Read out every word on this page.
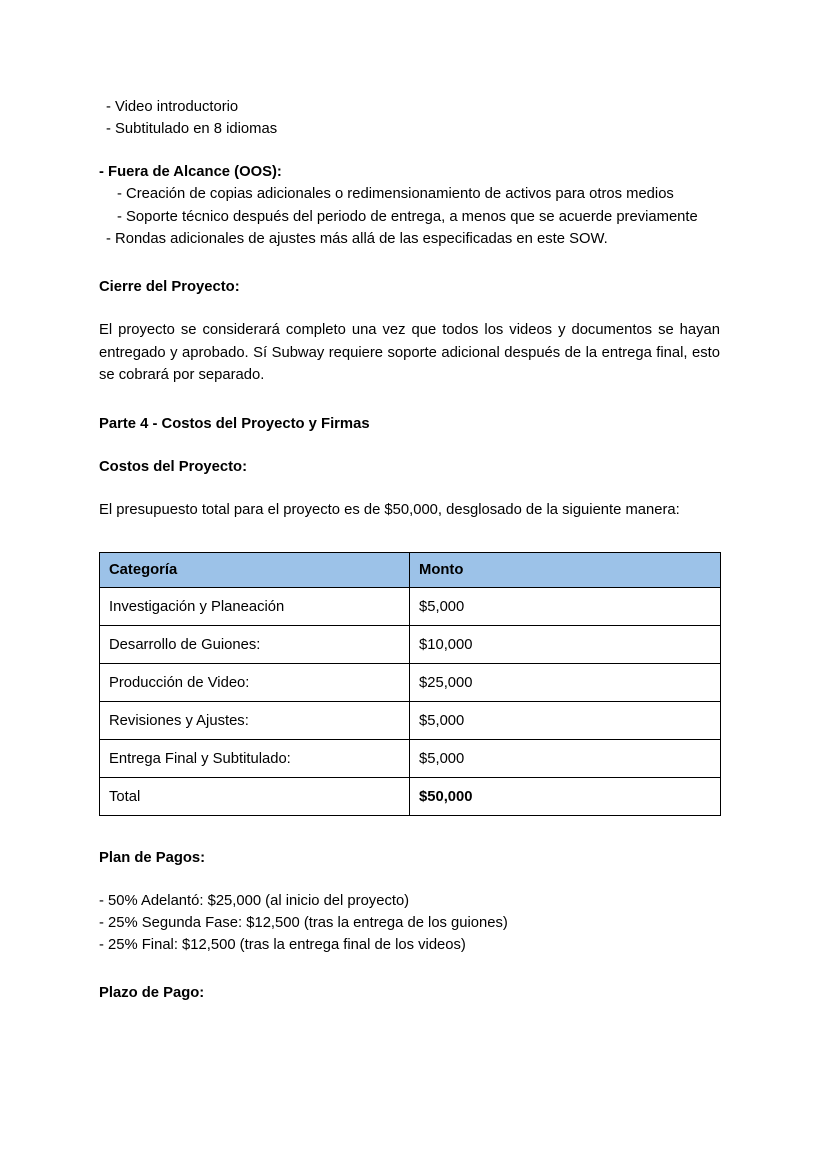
- Video introductorio

- Subtitulado en 8 idiomas

- Fuera de Alcance (OOS):

- Creación de copias adicionales o redimensionamiento de activos para otros medios

- Soporte técnico después del periodo de entrega, a menos que se acuerde previamente

- Rondas adicionales de ajustes más allá de las especificadas en este SOW.

Cierre del Proyecto:

El proyecto se considerará completo una vez que todos los videos y documentos se hayan entregado y aprobado. Sí Subway requiere soporte adicional después de la entrega final, esto se cobrará por separado.

Parte 4 - Costos del Proyecto y Firmas

Costos del Proyecto:

El presupuesto total para el proyecto es de $50,000, desglosado de la siguiente manera:

Categoría	Monto
Investigación y Planeación	$5,000
Desarrollo de Guiones:	$10,000
Producción de Video:	$25,000
Revisiones y Ajustes:	$5,000
Entrega Final y Subtitulado:	$5,000
Total	$50,000

Plan de Pagos:

- 50% Adelantó: $25,000 (al inicio del proyecto)

- 25% Segunda Fase: $12,500 (tras la entrega de los guiones)

- 25% Final: $12,500 (tras la entrega final de los videos)

Plazo de Pago:
